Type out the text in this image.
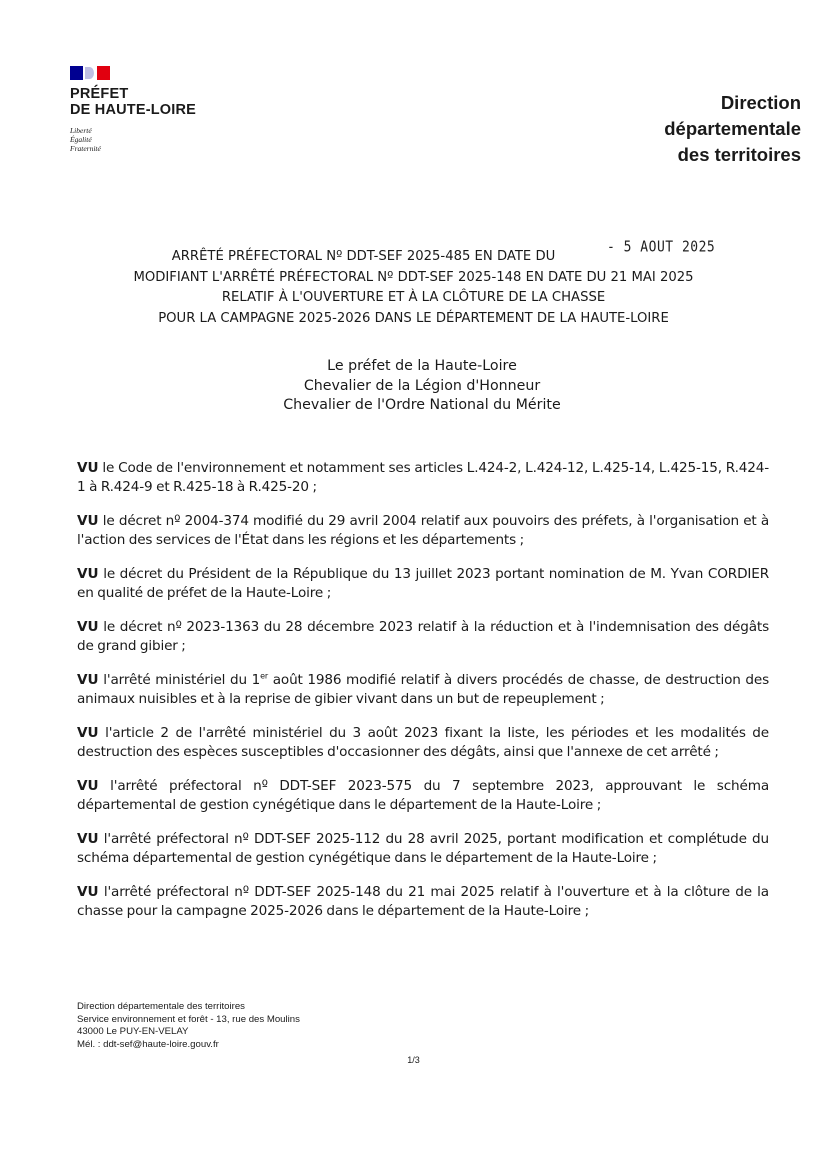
PRÉFET
DE HAUTE-LOIRE
Liberté
Égalité
Fraternité
Direction
départementale
des territoires
ARRÊTÉ PRÉFECTORAL Nº DDT-SEF 2025-485 EN DATE DU
MODIFIANT L'ARRÊTÉ PRÉFECTORAL Nº DDT-SEF 2025-148 EN DATE DU 21 MAI 2025
RELATIF À L'OUVERTURE ET À LA CLÔTURE DE LA CHASSE
POUR LA CAMPAGNE 2025-2026 DANS LE DÉPARTEMENT DE LA HAUTE-LOIRE
- 5 AOUT 2025
Le préfet de la Haute-Loire
Chevalier de la Légion d'Honneur
Chevalier de l'Ordre National du Mérite

VU le Code de l'environnement et notamment ses articles L.424-2, L.424-12, L.425-14, L.425-15, R.424-1 à R.424-9 et R.425-18 à R.425-20 ;

VU le décret nº 2004-374 modifié du 29 avril 2004 relatif aux pouvoirs des préfets, à l'organisation et à l'action des services de l'État dans les régions et les départements ;

VU le décret du Président de la République du 13 juillet 2023 portant nomination de M. Yvan CORDIER en qualité de préfet de la Haute-Loire ;

VU le décret nº 2023-1363 du 28 décembre 2023 relatif à la réduction et à l'indemnisation des dégâts de grand gibier ;

VU l'arrêté ministériel du 1er août 1986 modifié relatif à divers procédés de chasse, de destruction des animaux nuisibles et à la reprise de gibier vivant dans un but de repeuplement ;

VU l'article 2 de l'arrêté ministériel du 3 août 2023 fixant la liste, les périodes et les modalités de destruction des espèces susceptibles d'occasionner des dégâts, ainsi que l'annexe de cet arrêté ;

VU l'arrêté préfectoral nº DDT-SEF 2023-575 du 7 septembre 2023, approuvant le schéma départemental de gestion cynégétique dans le département de la Haute-Loire ;

VU l'arrêté préfectoral nº DDT-SEF 2025-112 du 28 avril 2025, portant modification et complétude du schéma départemental de gestion cynégétique dans le département de la Haute-Loire ;

VU l'arrêté préfectoral nº DDT-SEF 2025-148 du 21 mai 2025 relatif à l'ouverture et à la clôture de la chasse pour la campagne 2025-2026 dans le département de la Haute-Loire ;

Direction départementale des territoires
Service environnement et forêt - 13, rue des Moulins
43000 Le PUY-EN-VELAY
Mél. : ddt-sef@haute-loire.gouv.fr
1/3
